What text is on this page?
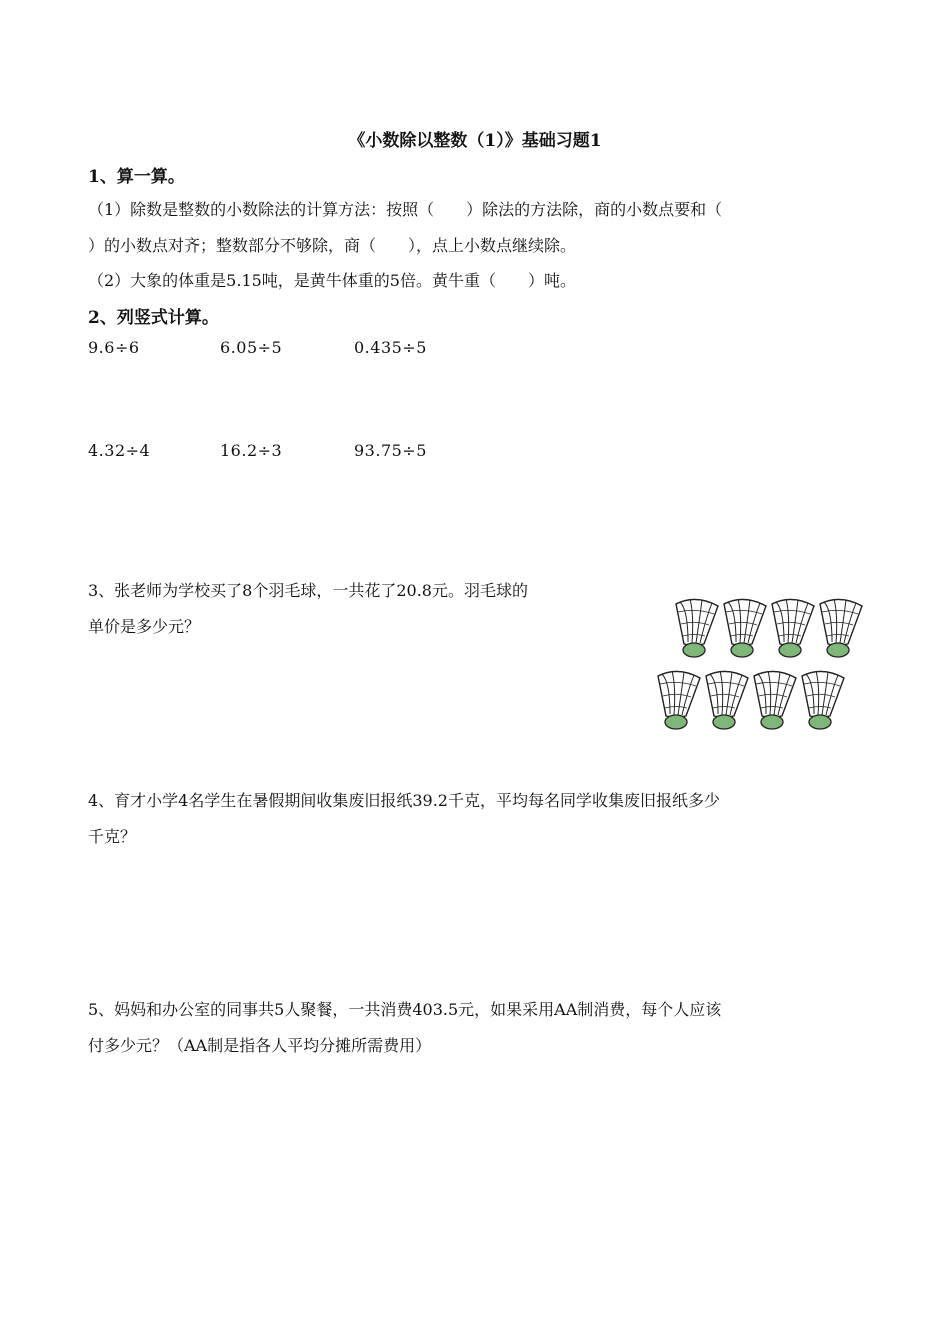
《小数除以整数（1）》基础习题1
1、算一算。
（1）除数是整数的小数除法的计算方法：按照（　　）除法的方法除，商的小数点要和（
）的小数点对齐；整数部分不够除，商（　　），点上小数点继续除。
（2）大象的体重是5.15吨，是黄牛体重的5倍。黄牛重（　　）吨。
2、列竖式计算。
9.6÷6	6.05÷5	0.435÷5
4.32÷4	16.2÷3	93.75÷5
3、张老师为学校买了8个羽毛球，一共花了20.8元。羽毛球的
单价是多少元？
4、育才小学4名学生在暑假期间收集废旧报纸39.2千克，平均每名同学收集废旧报纸多少
千克？
5、妈妈和办公室的同事共5人聚餐，一共消费403.5元，如果采用AA制消费，每个人应该
付多少元？（AA制是指各人平均分摊所需费用）
